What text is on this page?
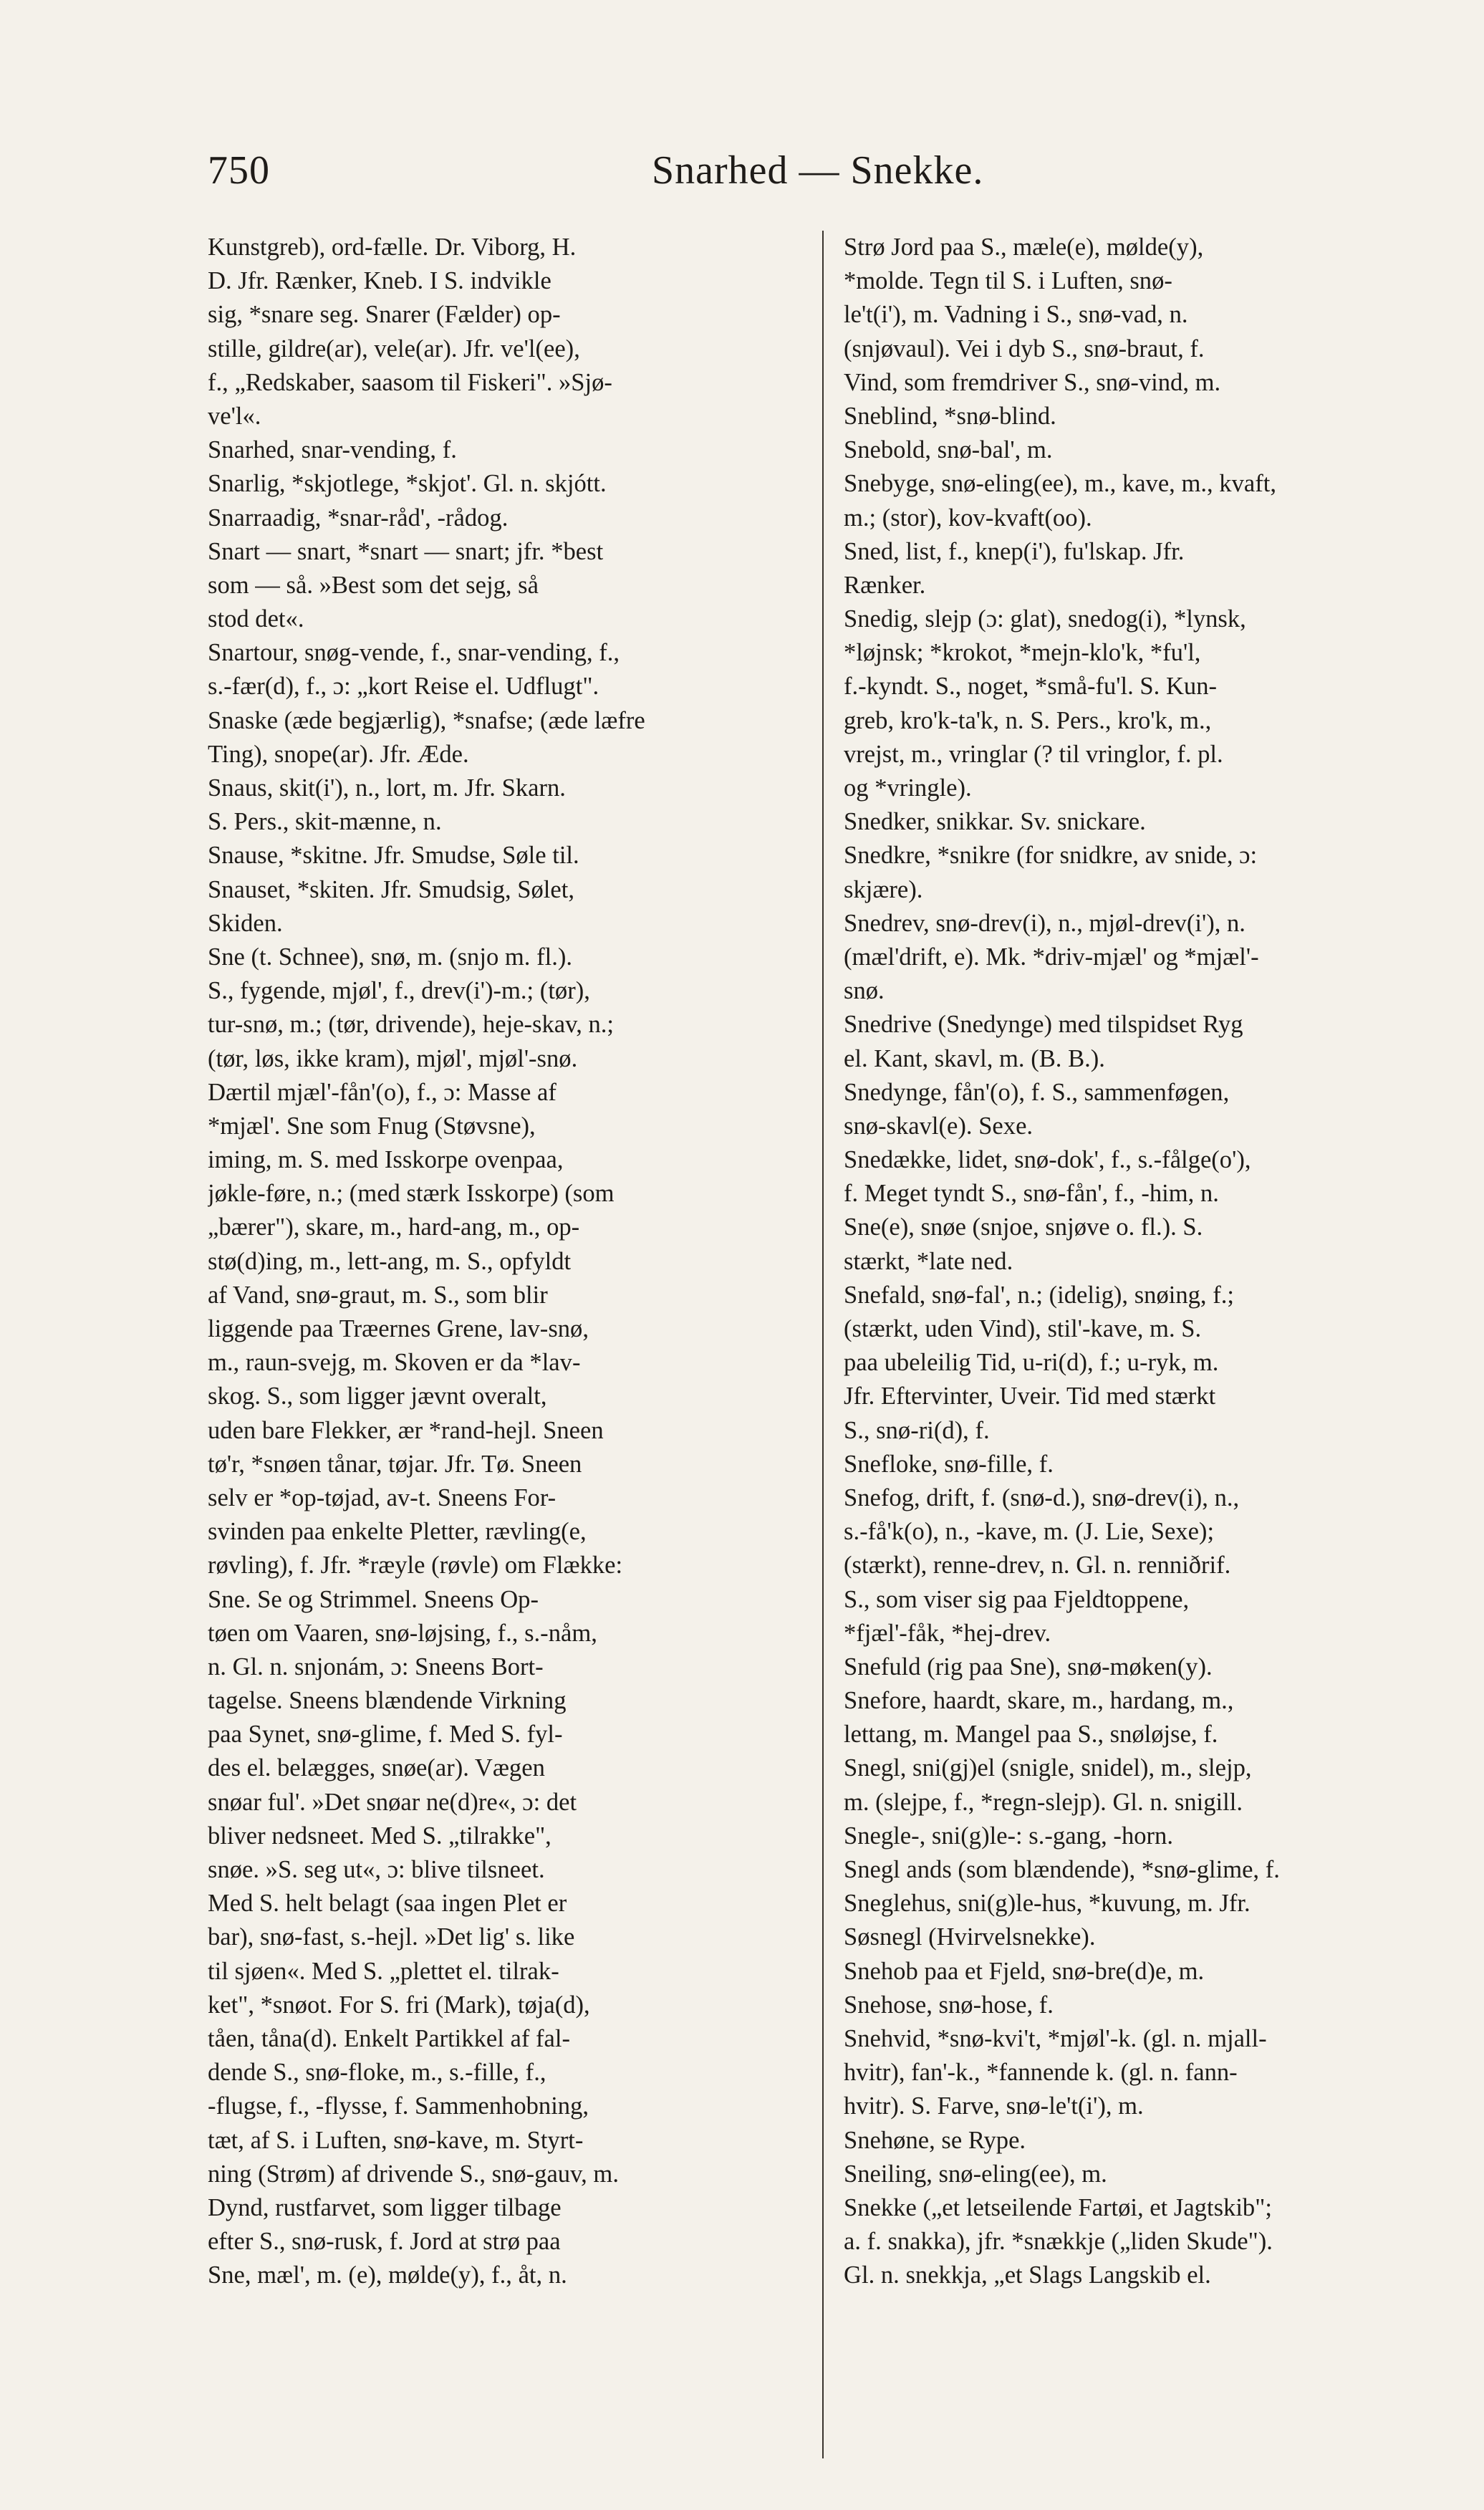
750	Snarhed — Snekke.
Kunstgreb), ord-fælle. Dr. Viborg, H.
D. Jfr. Rænker, Kneb. I S. indvikle
sig, *snare seg. Snarer (Fælder) op-
stille, gildre(ar), vele(ar). Jfr. ve'l(ee),
f., „Redskaber, saasom til Fiskeri". »Sjø-
ve'l«.
Snarhed, snar-vending, f.
Snarlig, *skjotlege, *skjot'. Gl. n. skjótt.
Snarraadig, *snar-råd', -rådog.
Snart — snart, *snart — snart; jfr. *best
som — så. »Best som det sejg, så
stod det«.
Snartour, snøg-vende, f., snar-vending, f.,
s.-fær(d), f., ɔ: „kort Reise el. Udflugt".
Snaske (æde begjærlig), *snafse; (æde læfre
Ting), snope(ar). Jfr. Æde.
Snaus, skit(i'), n., lort, m. Jfr. Skarn.
S. Pers., skit-mænne, n.
Snause, *skitne. Jfr. Smudse, Søle til.
Snauset, *skiten. Jfr. Smudsig, Sølet,
Skiden.
Sne (t. Schnee), snø, m. (snjo m. fl.).
S., fygende, mjøl', f., drev(i')-m.; (tør),
tur-snø, m.; (tør, drivende), heje-skav, n.;
(tør, løs, ikke kram), mjøl', mjøl'-snø.
Dærtil mjæl'-fån'(o), f., ɔ: Masse af
*mjæl'. Sne som Fnug (Støvsne),
iming, m. S. med Isskorpe ovenpaa,
jøkle-føre, n.; (med stærk Isskorpe) (som
„bærer"), skare, m., hard-ang, m., op-
stø(d)ing, m., lett-ang, m. S., opfyldt
af Vand, snø-graut, m. S., som blir
liggende paa Træernes Grene, lav-snø,
m., raun-svejg, m. Skoven er da *lav-
skog. S., som ligger jævnt overalt,
uden bare Flekker, ær *rand-hejl. Sneen
tø'r, *snøen tånar, tøjar. Jfr. Tø. Sneen
selv er *op-tøjad, av-t. Sneens For-
svinden paa enkelte Pletter, rævling(e,
røvling), f. Jfr. *ræyle (røvle) om Flække:
Sne. Se og Strimmel. Sneens Op-
tøen om Vaaren, snø-løjsing, f., s.-nåm,
n. Gl. n. snjonám, ɔ: Sneens Bort-
tagelse. Sneens blændende Virkning
paa Synet, snø-glime, f. Med S. fyl-
des el. belægges, snøe(ar). Vægen
snøar ful'. »Det snøar ne(d)re«, ɔ: det
bliver nedsneet. Med S. „tilrakke",
snøe. »S. seg ut«, ɔ: blive tilsneet.
Med S. helt belagt (saa ingen Plet er
bar), snø-fast, s.-hejl. »Det lig' s. like
til sjøen«. Med S. „plettet el. tilrak-
ket", *snøot. For S. fri (Mark), tøja(d),
tåen, tåna(d). Enkelt Partikkel af fal-
dende S., snø-floke, m., s.-fille, f.,
-flugse, f., -flysse, f. Sammenhobning,
tæt, af S. i Luften, snø-kave, m. Styrt-
ning (Strøm) af drivende S., snø-gauv, m.
Dynd, rustfarvet, som ligger tilbage
efter S., snø-rusk, f. Jord at strø paa
Sne, mæl', m. (e), mølde(y), f., åt, n.
Strø Jord paa S., mæle(e), mølde(y),
*molde. Tegn til S. i Luften, snø-
le't(i'), m. Vadning i S., snø-vad, n.
(snjøvaul). Vei i dyb S., snø-braut, f.
Vind, som fremdriver S., snø-vind, m.
Sneblind, *snø-blind.
Snebold, snø-bal', m.
Snebyge, snø-eling(ee), m., kave, m., kvaft,
m.; (stor), kov-kvaft(oo).
Sned, list, f., knep(i'), fu'lskap. Jfr.
Rænker.
Snedig, slejp (ɔ: glat), snedog(i), *lynsk,
*løjnsk; *krokot, *mejn-klo'k, *fu'l,
f.-kyndt. S., noget, *små-fu'l. S. Kun-
greb, kro'k-ta'k, n. S. Pers., kro'k, m.,
vrejst, m., vringlar (? til vringlor, f. pl.
og *vringle).
Snedker, snikkar. Sv. snickare.
Snedkre, *snikre (for snidkre, av snide, ɔ:
skjære).
Snedrev, snø-drev(i), n., mjøl-drev(i'), n.
(mæl'drift, e). Mk. *driv-mjæl' og *mjæl'-
snø.
Snedrive (Snedynge) med tilspidset Ryg
el. Kant, skavl, m. (B. B.).
Snedynge, fån'(o), f. S., sammenføgen,
snø-skavl(e). Sexe.
Snedække, lidet, snø-dok', f., s.-fålge(o'),
f. Meget tyndt S., snø-fån', f., -him, n.
Sne(e), snøe (snjoe, snjøve o. fl.). S.
stærkt, *late ned.
Snefald, snø-fal', n.; (idelig), snøing, f.;
(stærkt, uden Vind), stil'-kave, m. S.
paa ubeleilig Tid, u-ri(d), f.; u-ryk, m.
Jfr. Eftervinter, Uveir. Tid med stærkt
S., snø-ri(d), f.
Snefloke, snø-fille, f.
Snefog, drift, f. (snø-d.), snø-drev(i), n.,
s.-få'k(o), n., -kave, m. (J. Lie, Sexe);
(stærkt), renne-drev, n. Gl. n. renniðrif.
S., som viser sig paa Fjeldtoppene,
*fjæl'-fåk, *hej-drev.
Snefuld (rig paa Sne), snø-møken(y).
Snefore, haardt, skare, m., hardang, m.,
lettang, m. Mangel paa S., snøløjse, f.
Snegl, sni(gj)el (snigle, snidel), m., slejp,
m. (slejpe, f., *regn-slejp). Gl. n. snigill.
Snegle-, sni(g)le-: s.-gang, -horn.
Snegl ands (som blændende), *snø-glime, f.
Sneglehus, sni(g)le-hus, *kuvung, m. Jfr.
Søsnegl (Hvirvelsnekke).
Snehob paa et Fjeld, snø-bre(d)e, m.
Snehose, snø-hose, f.
Snehvid, *snø-kvi't, *mjøl'-k. (gl. n. mjall-
hvitr), fan'-k., *fannende k. (gl. n. fann-
hvitr). S. Farve, snø-le't(i'), m.
Snehøne, se Rype.
Sneiling, snø-eling(ee), m.
Snekke („et letseilende Fartøi, et Jagtskib";
a. f. snakka), jfr. *snækkje („liden Skude").
Gl. n. snekkja, „et Slags Langskib el.
